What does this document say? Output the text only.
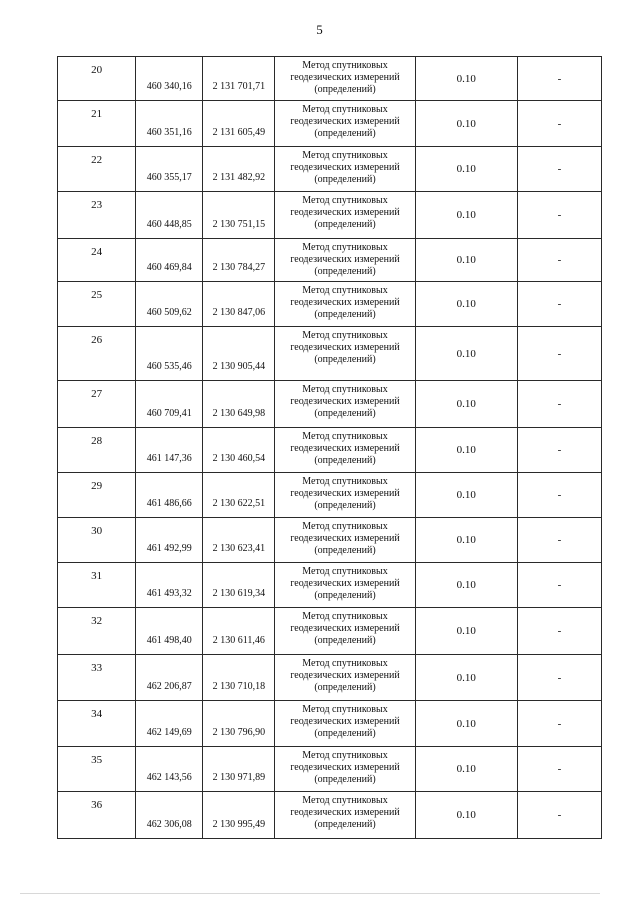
5
20	460 340,16	2 131 701,71	Метод спутниковых
геодезических измерений
(определений)	0.10	-
21	460 351,16	2 131 605,49	Метод спутниковых
геодезических измерений
(определений)	0.10	-
22	460 355,17	2 131 482,92	Метод спутниковых
геодезических измерений
(определений)	0.10	-
23	460 448,85	2 130 751,15	Метод спутниковых
геодезических измерений
(определений)	0.10	-
24	460 469,84	2 130 784,27	Метод спутниковых
геодезических измерений
(определений)	0.10	-
25	460 509,62	2 130 847,06	Метод спутниковых
геодезических измерений
(определений)	0.10	-
26	460 535,46	2 130 905,44	Метод спутниковых
геодезических измерений
(определений)	0.10	-
27	460 709,41	2 130 649,98	Метод спутниковых
геодезических измерений
(определений)	0.10	-
28	461 147,36	2 130 460,54	Метод спутниковых
геодезических измерений
(определений)	0.10	-
29	461 486,66	2 130 622,51	Метод спутниковых
геодезических измерений
(определений)	0.10	-
30	461 492,99	2 130 623,41	Метод спутниковых
геодезических измерений
(определений)	0.10	-
31	461 493,32	2 130 619,34	Метод спутниковых
геодезических измерений
(определений)	0.10	-
32	461 498,40	2 130 611,46	Метод спутниковых
геодезических измерений
(определений)	0.10	-
33	462 206,87	2 130 710,18	Метод спутниковых
геодезических измерений
(определений)	0.10	-
34	462 149,69	2 130 796,90	Метод спутниковых
геодезических измерений
(определений)	0.10	-
35	462 143,56	2 130 971,89	Метод спутниковых
геодезических измерений
(определений)	0.10	-
36	462 306,08	2 130 995,49	Метод спутниковых
геодезических измерений
(определений)	0.10	-
